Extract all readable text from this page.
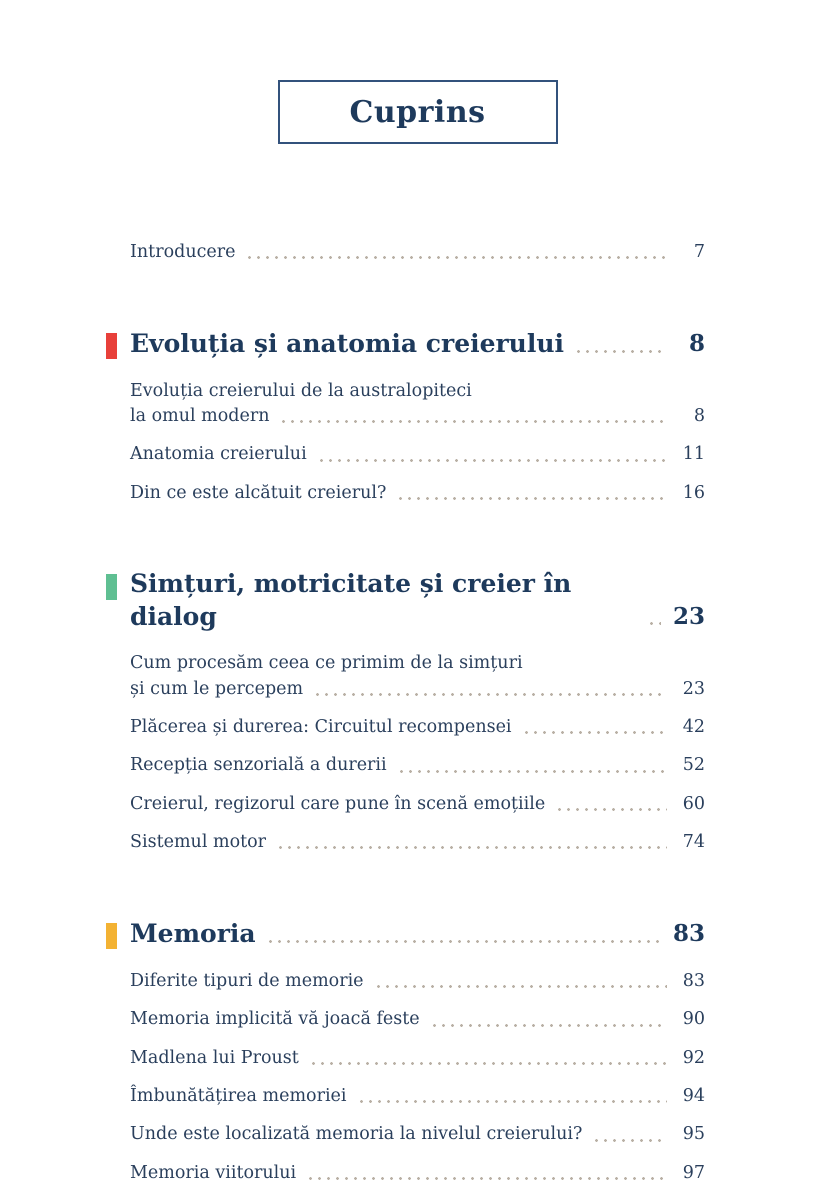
Cuprins
Introducere	7
Evoluția și anatomia creierului	8
Evoluția creierului de la australopiteci
la omul modern	8
Anatomia creierului	11
Din ce este alcătuit creierul?	16
Simțuri, motricitate și creier în dialog	23
Cum procesăm ceea ce primim de la simțuri
și cum le percepem	23
Plăcerea și durerea: Circuitul recompensei	42
Recepția senzorială a durerii	52
Creierul, regizorul care pune în scenă emoțiile	60
Sistemul motor	74
Memoria	83
Diferite tipuri de memorie	83
Memoria implicită vă joacă feste	90
Madlena lui Proust	92
Îmbunătățirea memoriei	94
Unde este localizată memoria la nivelul creierului?	95
Memoria viitorului	97
